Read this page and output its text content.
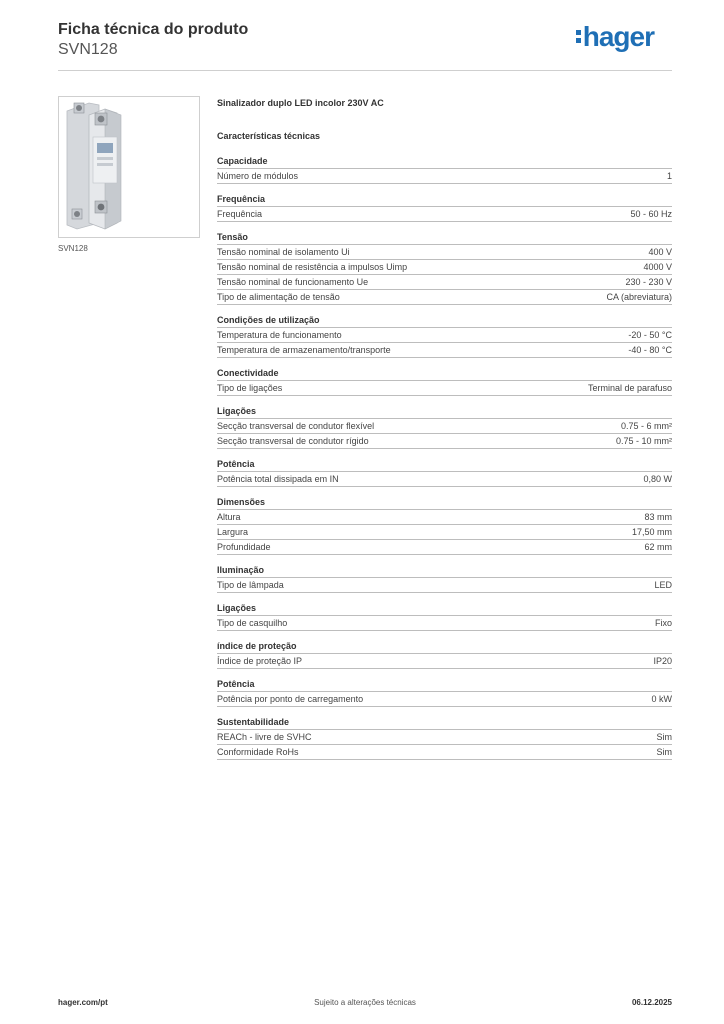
Ficha técnica do produto
SVN128	hager
SVN128
Sinalizador duplo LED incolor 230V AC
Características técnicas
Capacidade
Número de módulos	1
Frequência
Frequência	50 - 60 Hz
Tensão
Tensão nominal de isolamento Ui	400 V
Tensão nominal de resistência a impulsos Uimp	4000 V
Tensão nominal de funcionamento Ue	230 - 230 V
Tipo de alimentação de tensão	CA (abreviatura)
Condições de utilização
Temperatura de funcionamento	-20 - 50 °C
Temperatura de armazenamento/transporte	-40 - 80 °C
Conectividade
Tipo de ligações	Terminal de parafuso
Ligações
Secção transversal de condutor flexível	0.75 - 6 mm²
Secção transversal de condutor rígido	0.75 - 10 mm²
Potência
Potência total dissipada em IN	0,80 W
Dimensões
Altura	83 mm
Largura	17,50 mm
Profundidade	62 mm
Iluminação
Tipo de lâmpada	LED
Ligações
Tipo de casquilho	Fixo
índice de proteção
Índice de proteção IP	IP20
Potência
Potência por ponto de carregamento	0 kW
Sustentabilidade
REACh - livre de SVHC	Sim
Conformidade RoHs	Sim
hager.com/pt	Sujeito a alterações técnicas	06.12.2025
